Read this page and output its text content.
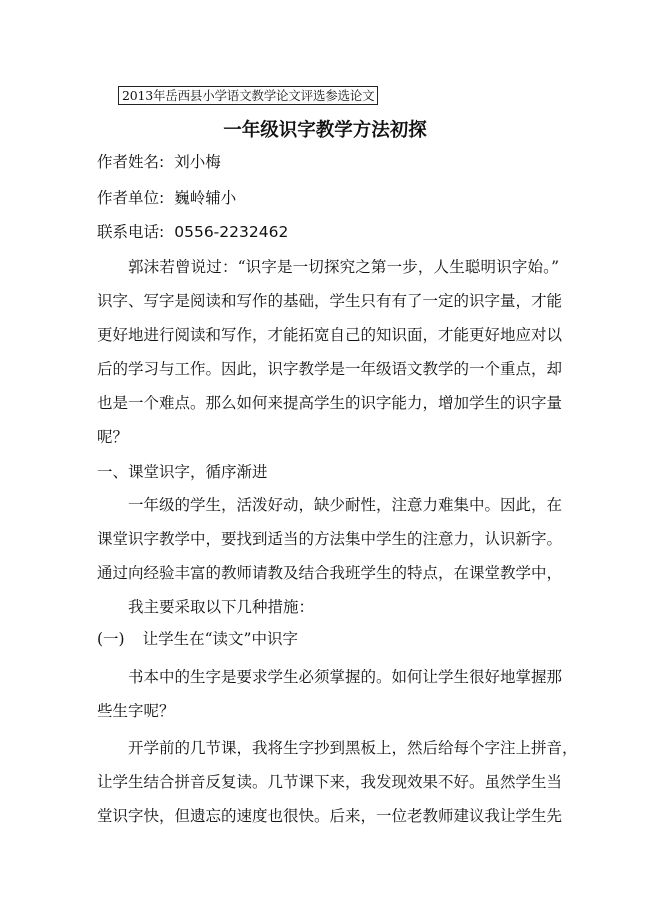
2013年岳西县小学语文教学论文评选参选论文
一年级识字教学方法初探
作者姓名: 刘小梅
作者单位: 巍岭辅小
联系电话: 0556-2232462
郭沫若曾说过：“识字是一切探究之第一步，人生聪明识字始。”
识字、写字是阅读和写作的基础，学生只有有了一定的识字量，才能
更好地进行阅读和写作，才能拓宽自己的知识面，才能更好地应对以
后的学习与工作。因此，识字教学是一年级语文教学的一个重点，却
也是一个难点。那么如何来提高学生的识字能力，增加学生的识字量
呢？
一、课堂识字，循序渐进
一年级的学生，活泼好动，缺少耐性，注意力难集中。因此，在
课堂识字教学中，要找到适当的方法集中学生的注意力，认识新字。
通过向经验丰富的教师请教及结合我班学生的特点，在课堂教学中，
我主要采取以下几种措施：
(一) 让学生在“读文”中识字
书本中的生字是要求学生必须掌握的。如何让学生很好地掌握那
些生字呢？
开学前的几节课，我将生字抄到黑板上，然后给每个字注上拼音，
让学生结合拼音反复读。几节课下来，我发现效果不好。虽然学生当
堂识字快，但遗忘的速度也很快。后来，一位老教师建议我让学生先
